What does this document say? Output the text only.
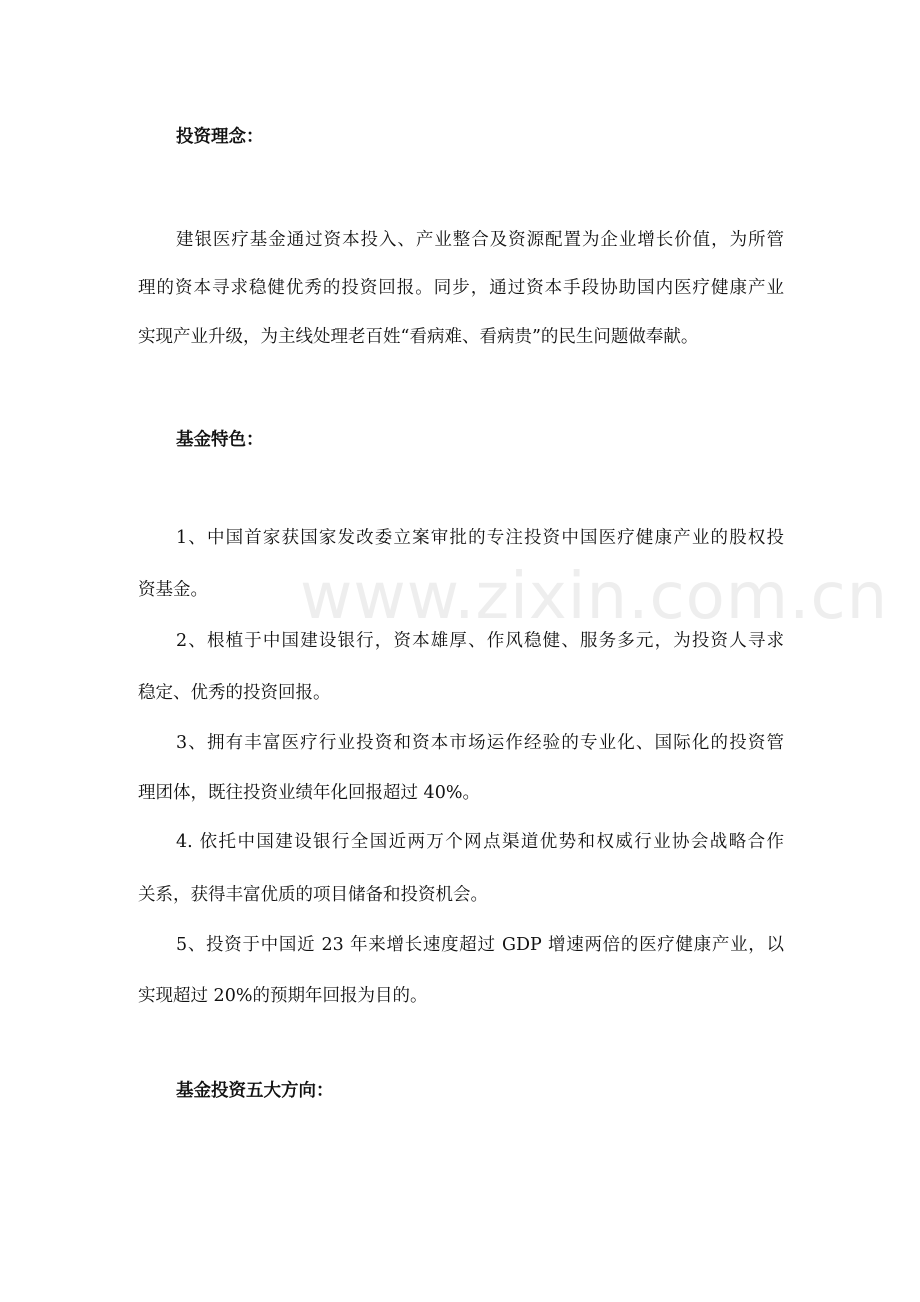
www.zixin.com.cn
投资理念：
建银医疗基金通过资本投入、产业整合及资源配置为企业增长价值，为所管
理的资本寻求稳健优秀的投资回报。同步，通过资本手段协助国内医疗健康产业
实现产业升级，为主线处理老百姓“看病难、看病贵”的民生问题做奉献。
基金特色：
1、中国首家获国家发改委立案审批的专注投资中国医疗健康产业的股权投
资基金。
2、根植于中国建设银行，资本雄厚、作风稳健、服务多元，为投资人寻求
稳定、优秀的投资回报。
3、拥有丰富医疗行业投资和资本市场运作经验的专业化、国际化的投资管
理团体，既往投资业绩年化回报超过 40%。
4. 依托中国建设银行全国近两万个网点渠道优势和权威行业协会战略合作
关系，获得丰富优质的项目储备和投资机会。
5、投资于中国近 23 年来增长速度超过 GDP 增速两倍的医疗健康产业，以
实现超过 20%的预期年回报为目的。
基金投资五大方向：
